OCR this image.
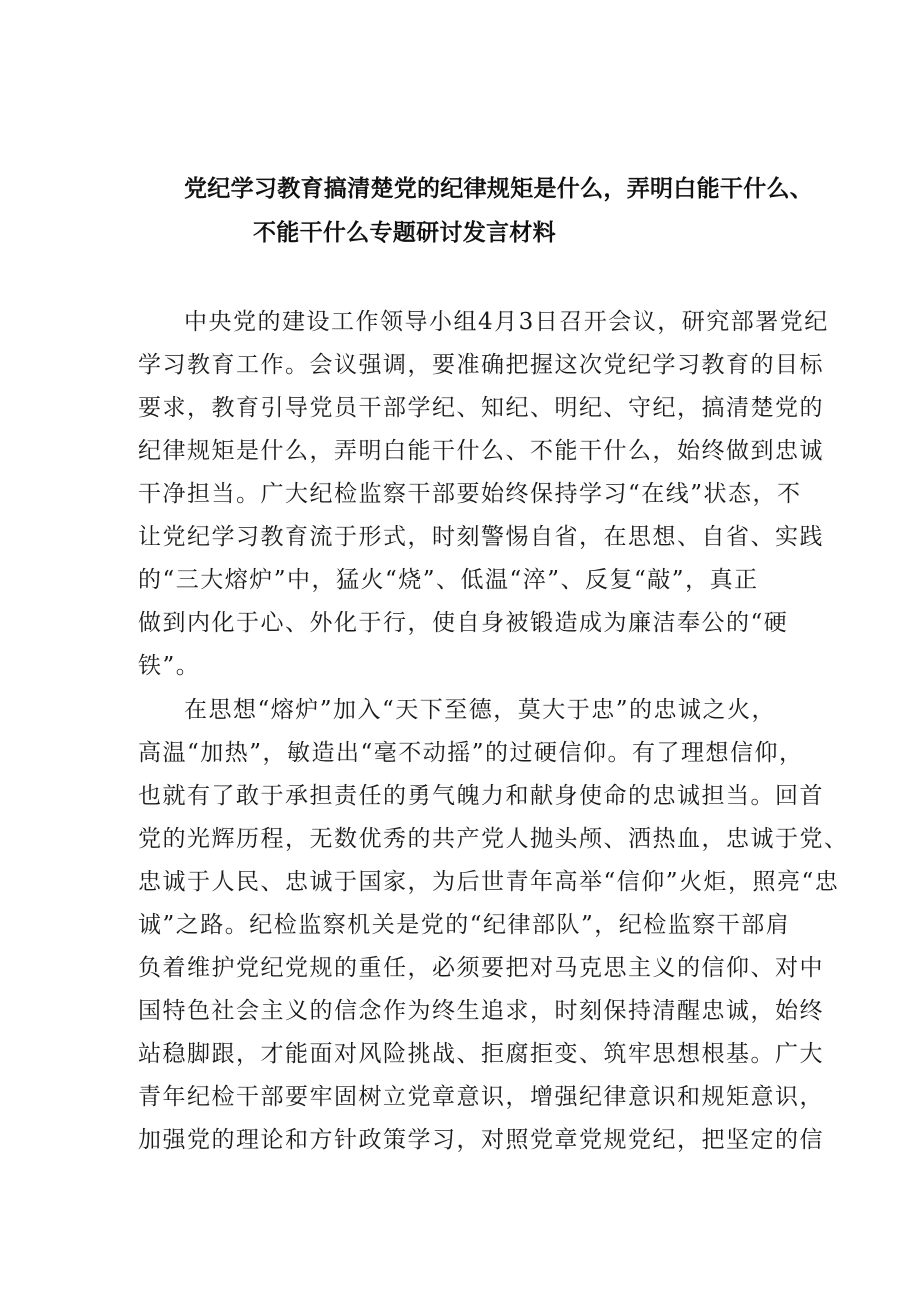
党纪学习教育搞清楚党的纪律规矩是什么，弄明白能干什么、
不能干什么专题研讨发言材料
中央党的建设工作领导小组4月3日召开会议，研究部署党纪
学习教育工作。会议强调，要准确把握这次党纪学习教育的目标
要求，教育引导党员干部学纪、知纪、明纪、守纪，搞清楚党的
纪律规矩是什么，弄明白能干什么、不能干什么，始终做到忠诚
干净担当。广大纪检监察干部要始终保持学习“在线”状态，不
让党纪学习教育流于形式，时刻警惕自省，在思想、自省、实践
的“三大熔炉”中，猛火“烧”、低温“淬”、反复“敲”，真正
做到内化于心、外化于行，使自身被锻造成为廉洁奉公的“硬
铁”。
在思想“熔炉”加入“天下至德，莫大于忠”的忠诚之火，
高温“加热”，敏造出“毫不动摇”的过硬信仰。有了理想信仰，
也就有了敢于承担责任的勇气魄力和献身使命的忠诚担当。回首
党的光辉历程，无数优秀的共产党人抛头颅、洒热血，忠诚于党、
忠诚于人民、忠诚于国家，为后世青年高举“信仰”火炬，照亮“忠
诚”之路。纪检监察机关是党的“纪律部队”，纪检监察干部肩
负着维护党纪党规的重任，必须要把对马克思主义的信仰、对中
国特色社会主义的信念作为终生追求，时刻保持清醒忠诚，始终
站稳脚跟，才能面对风险挑战、拒腐拒变、筑牢思想根基。广大
青年纪检干部要牢固树立党章意识，增强纪律意识和规矩意识，
加强党的理论和方针政策学习，对照党章党规党纪，把坚定的信
